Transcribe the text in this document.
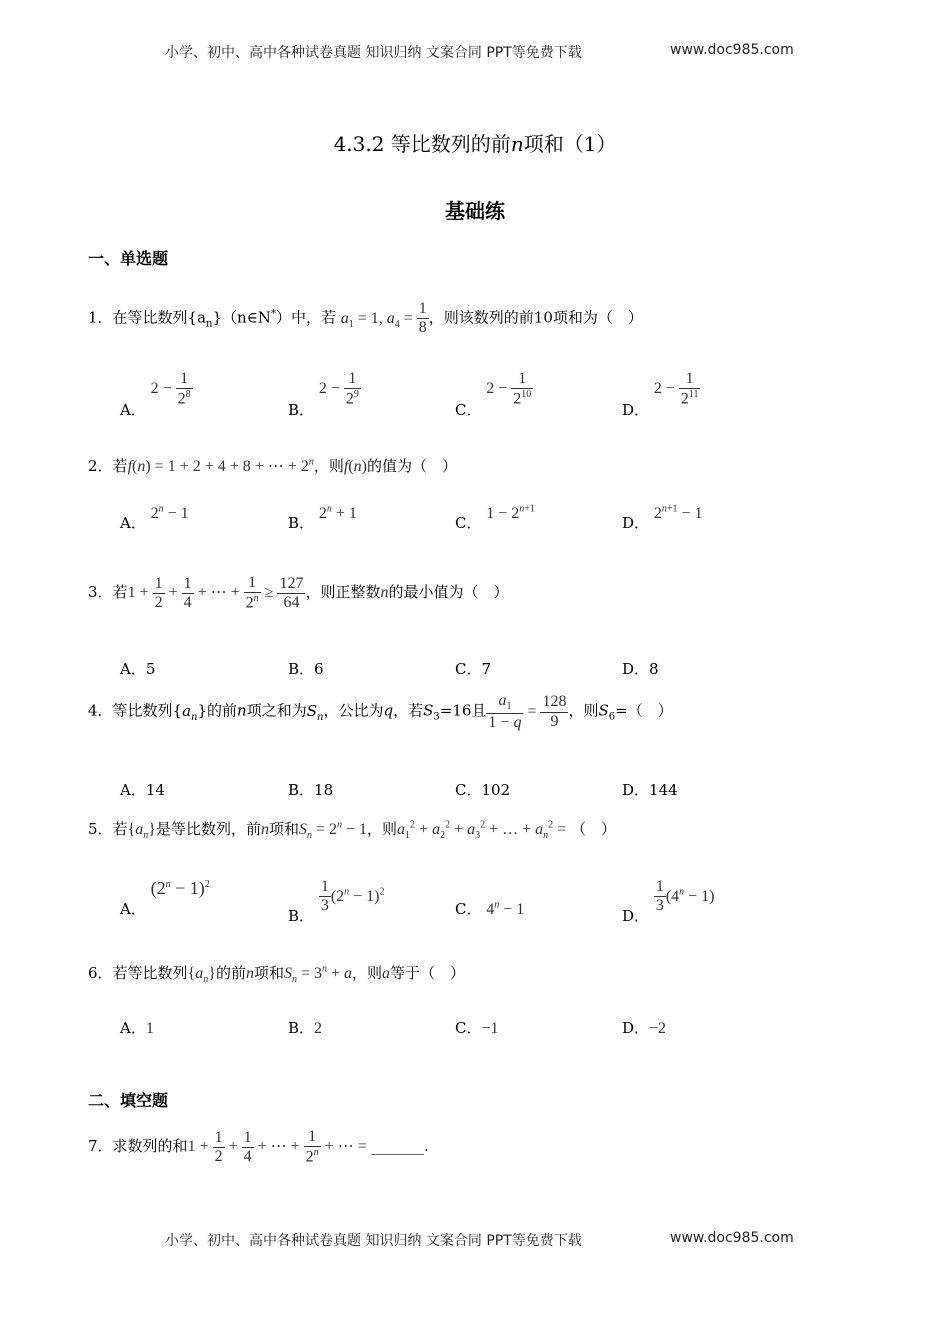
小学、初中、高中各种试卷真题 知识归纳 文案合同 PPT等免费下载	www.doc985.com
小学、初中、高中各种试卷真题 知识归纳 文案合同 PPT等免费下载	www.doc985.com
4.3.2 等比数列的前n项和（1）
基础练
一、单选题
1．在等比数列$\{a_n\}(n\in N^*)$中，若 $a_1 = 1$, $a_4 = \frac{1}{8}$ ，则该数列的前10项和为（　）
A． $2 - \frac{1}{2^8}$
B． $2 - \frac{1}{2^9}$
C． $2 - \frac{1}{2^{10}}$
D． $2 - \frac{1}{2^{11}}$
2．若f(n) = 1 + 2 + 4 + 8 + ⋯ + $2^n$，则f(n)的值为（　）
A． $2^n - 1$
B． $2^n + 1$
C． $1 - 2^{n+1}$
D． $2^{n+1} - 1$
3．若$1 + \frac{1}{2} + \frac{1}{4}$ + ⋯ + $\frac{1}{2^n} \ge \frac{127}{64}$ ，则正整数n的最小值为（　）
A．5	B．6	C．7	D．8
4．等比数列$\{a_n\}$的前n项之和为$S_n$，公比为q，若$S_3=16$且 $\frac{a_1}{1 - q} = \frac{128}{9}$ ，则$S_6=$（　）
A．14	B．18	C．102	D．144
5．若$\{a_n\}$是等比数列，前n项和$S_n = 2^n - 1$，则$a_1^2 + a_2^2 + a_3^2$ + … + $a_n^2$ = （　）
A． $(2^n - 1)^2$
B． $\frac{1}{3} (2^n - 1)^2$
C． $4^n - 1$	D． $\frac{1}{3} (4^n - 1)$
6．若等比数列$\{a_n\}$的前n项和$S_n = 3^n + a$，则a等于（　）
A．1	B．2	C．−1	D．−2
二、填空题
7．求数列的和$1 + \frac{1}{2} + \frac{1}{4}$ + ⋯ + $\frac{1}{2^n}$ + ⋯ = _______.
